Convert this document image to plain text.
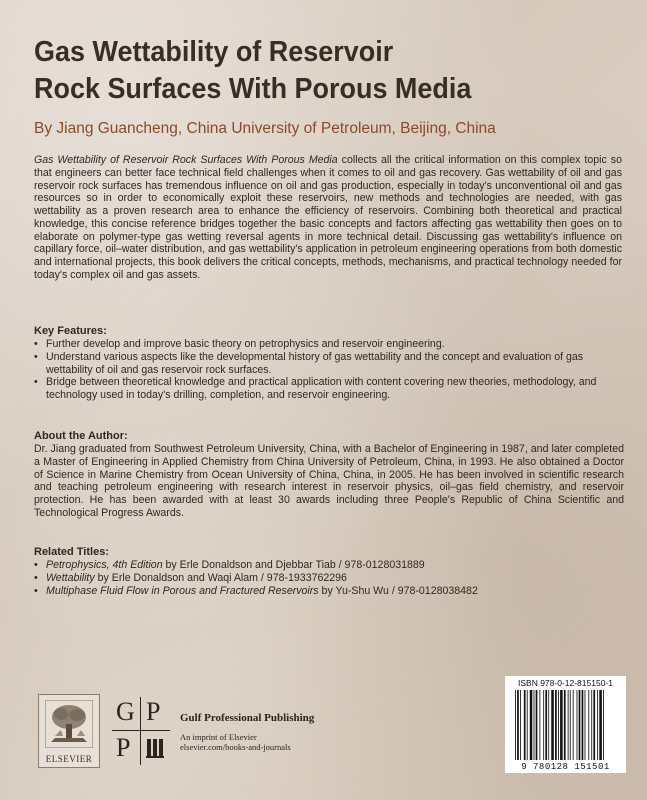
Gas Wettability of Reservoir
Rock Surfaces With Porous Media

By Jiang Guancheng, China University of Petroleum, Beijing, China

Gas Wettability of Reservoir Rock Surfaces With Porous Media collects all the critical information on this complex topic so that engineers can better face technical field challenges when it comes to oil and gas recovery. Gas wettability of oil and gas reservoir rock surfaces has tremendous influence on oil and gas production, especially in today's unconventional oil and gas resources so in order to economically exploit these reservoirs, new methods and technologies are needed, with gas wettability as a proven research area to enhance the efficiency of reservoirs. Combining both theoretical and practical knowledge, this concise reference bridges together the basic concepts and factors affecting gas wettability then goes on to elaborate on polymer-type gas wetting reversal agents in more technical detail. Discussing gas wettability's influence on capillary force, oil–water distribution, and gas wettability's application in petroleum engineering operations from both domestic and international projects, this book delivers the critical concepts, methods, mechanisms, and practical technology needed for today's complex oil and gas assets.

Key Features:
• Further develop and improve basic theory on petrophysics and reservoir engineering.
• Understand various aspects like the developmental history of gas wettability and the concept and evaluation of gas wettability of oil and gas reservoir rock surfaces.
• Bridge between theoretical knowledge and practical application with content covering new theories, methodology, and technology used in today's drilling, completion, and reservoir engineering.
About the Author:

Dr. Jiang graduated from Southwest Petroleum University, China, with a Bachelor of Engineering in 1987, and later completed a Master of Engineering in Applied Chemistry from China University of Petroleum, China, in 1993. He also obtained a Doctor of Science in Marine Chemistry from Ocean University of China, China, in 2005. He has been involved in scientific research and teaching petroleum engineering with research interest in reservoir physics, oil–gas field chemistry, and reservoir protection. He has been awarded with at least 30 awards including three People's Republic of China Scientific and Technological Progress Awards.

Related Titles:
• Petrophysics, 4th Edition by Erle Donaldson and Djebbar Tiab / 978-0128031889
• Wettability by Erle Donaldson and Waqi Alam / 978-1933762296
• Multiphase Fluid Flow in Porous and Fractured Reservoirs by Yu-Shu Wu / 978-0128038482
ELSEVIER
G P
P
Gulf Professional Publishing
An imprint of Elsevier
elsevier.com/books-and-journals
ISBN 978-0-12-815150-1
9 780128 151501
